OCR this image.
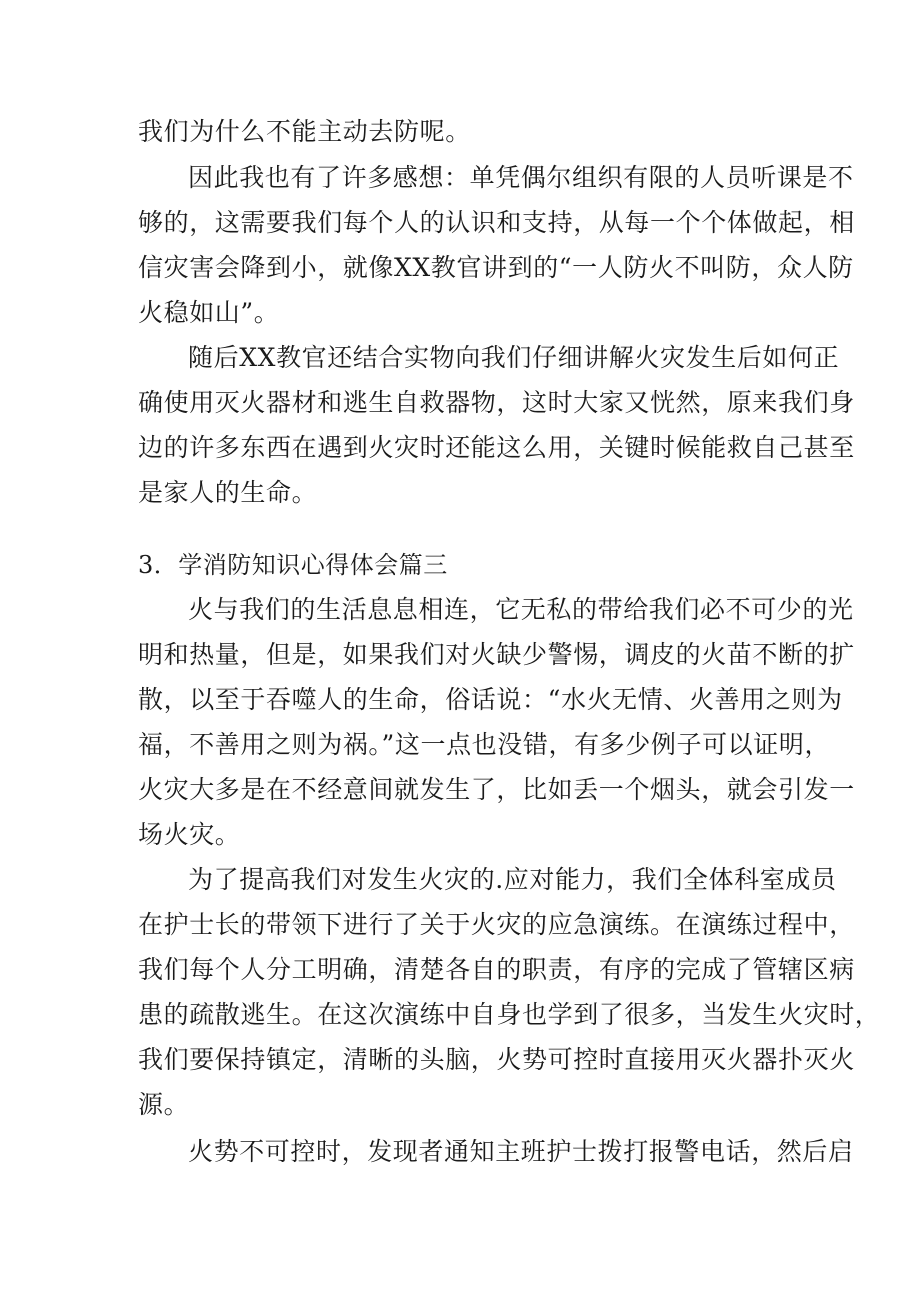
我们为什么不能主动去防呢。
因此我也有了许多感想：单凭偶尔组织有限的人员听课是不
够的，这需要我们每个人的认识和支持，从每一个个体做起，相
信灾害会降到小，就像XX教官讲到的“一人防火不叫防，众人防
火稳如山”。
随后XX教官还结合实物向我们仔细讲解火灾发生后如何正
确使用灭火器材和逃生自救器物，这时大家又恍然，原来我们身
边的许多东西在遇到火灾时还能这么用，关键时候能救自己甚至
是家人的生命。
3．学消防知识心得体会篇三
火与我们的生活息息相连，它无私的带给我们必不可少的光
明和热量，但是，如果我们对火缺少警惕，调皮的火苗不断的扩
散，以至于吞噬人的生命，俗话说：“水火无情、火善用之则为
福，不善用之则为祸。”这一点也没错，有多少例子可以证明，
火灾大多是在不经意间就发生了，比如丢一个烟头，就会引发一
场火灾。
为了提高我们对发生火灾的.应对能力，我们全体科室成员
在护士长的带领下进行了关于火灾的应急演练。在演练过程中，
我们每个人分工明确，清楚各自的职责，有序的完成了管辖区病
患的疏散逃生。在这次演练中自身也学到了很多，当发生火灾时，
我们要保持镇定，清晰的头脑，火势可控时直接用灭火器扑灭火
源。
火势不可控时，发现者通知主班护士拨打报警电话，然后启
